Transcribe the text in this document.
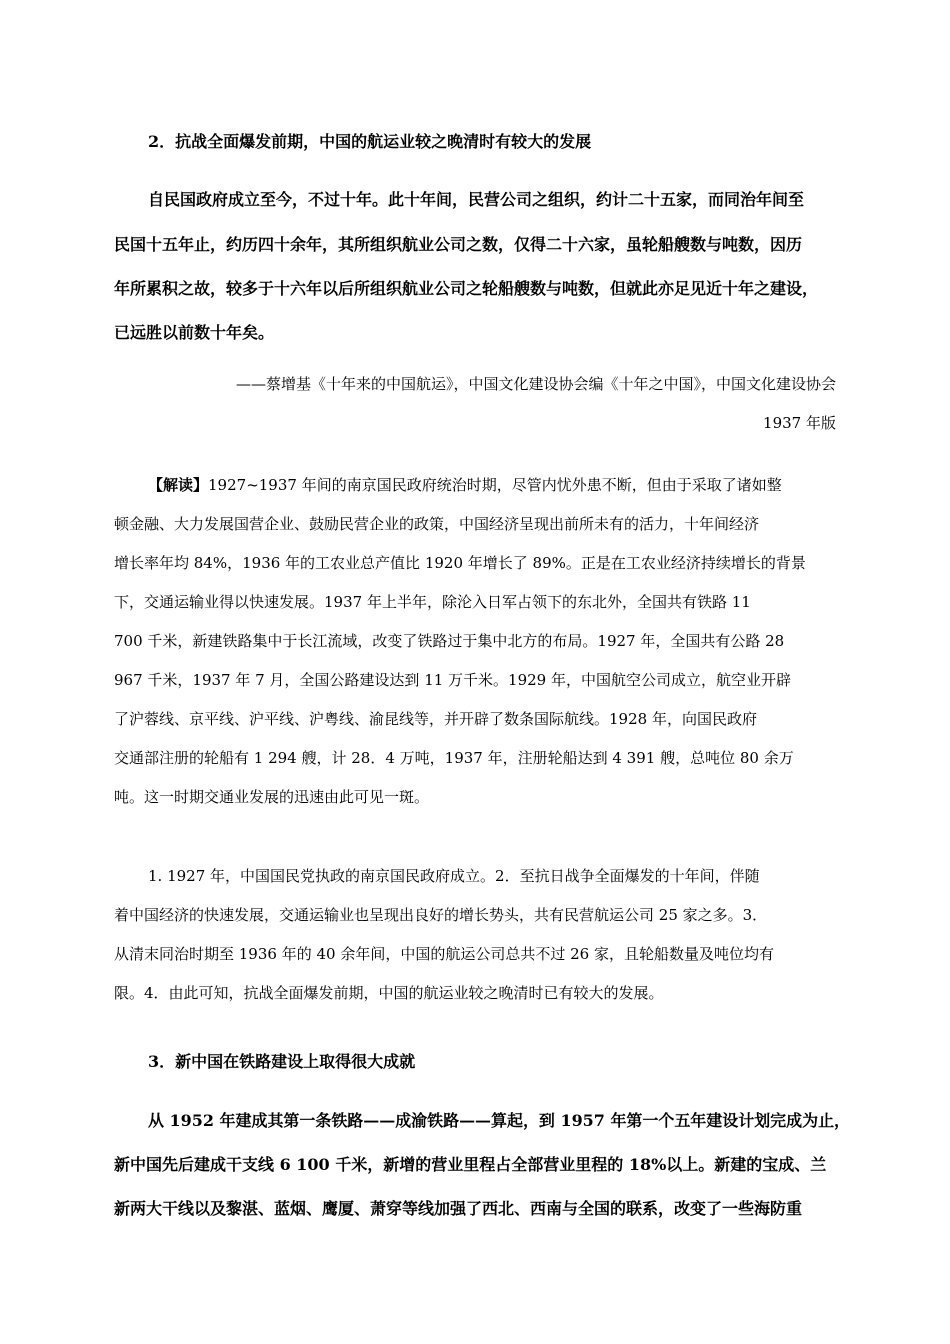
2．抗战全面爆发前期，中国的航运业较之晚清时有较大的发展
自民国政府成立至今，不过十年。此十年间，民营公司之组织，约计二十五家，而同治年间至
民国十五年止，约历四十余年，其所组织航业公司之数，仅得二十六家，虽轮船艘数与吨数，因历
年所累积之故，较多于十六年以后所组织航业公司之轮船艘数与吨数，但就此亦足见近十年之建设，
已远胜以前数十年矣。
——蔡增基《十年来的中国航运》，中国文化建设协会编《十年之中国》，中国文化建设协会
1937 年版
【解读】1927~1937 年间的南京国民政府统治时期，尽管内忧外患不断，但由于采取了诸如整
顿金融、大力发展国营企业、鼓励民营企业的政策，中国经济呈现出前所未有的活力，十年间经济
增长率年均 84%，1936 年的工农业总产值比 1920 年增长了 89%。正是在工农业经济持续增长的背景
下，交通运输业得以快速发展。1937 年上半年，除沦入日军占领下的东北外，全国共有铁路 11
700 千米，新建铁路集中于长江流域，改变了铁路过于集中北方的布局。1927 年，全国共有公路 28
967 千米，1937 年 7 月，全国公路建设达到 11 万千米。1929 年，中国航空公司成立，航空业开辟
了沪蓉线、京平线、沪平线、沪粤线、渝昆线等，并开辟了数条国际航线。1928 年，向国民政府
交通部注册的轮船有 1 294 艘，计 28．4 万吨，1937 年，注册轮船达到 4 391 艘，总吨位 80 余万
吨。这一时期交通业发展的迅速由此可见一斑。
1. 1927 年，中国国民党执政的南京国民政府成立。2．至抗日战争全面爆发的十年间，伴随
着中国经济的快速发展，交通运输业也呈现出良好的增长势头，共有民营航运公司 25 家之多。3．
从清末同治时期至 1936 年的 40 余年间，中国的航运公司总共不过 26 家，且轮船数量及吨位均有
限。4．由此可知，抗战全面爆发前期，中国的航运业较之晚清时已有较大的发展。
3．新中国在铁路建设上取得很大成就
从 1952 年建成其第一条铁路——成渝铁路——算起，到 1957 年第一个五年建设计划完成为止，
新中国先后建成干支线 6 100 千米，新增的营业里程占全部营业里程的 18%以上。新建的宝成、兰
新两大干线以及黎湛、蓝烟、鹰厦、萧穿等线加强了西北、西南与全国的联系，改变了一些海防重
